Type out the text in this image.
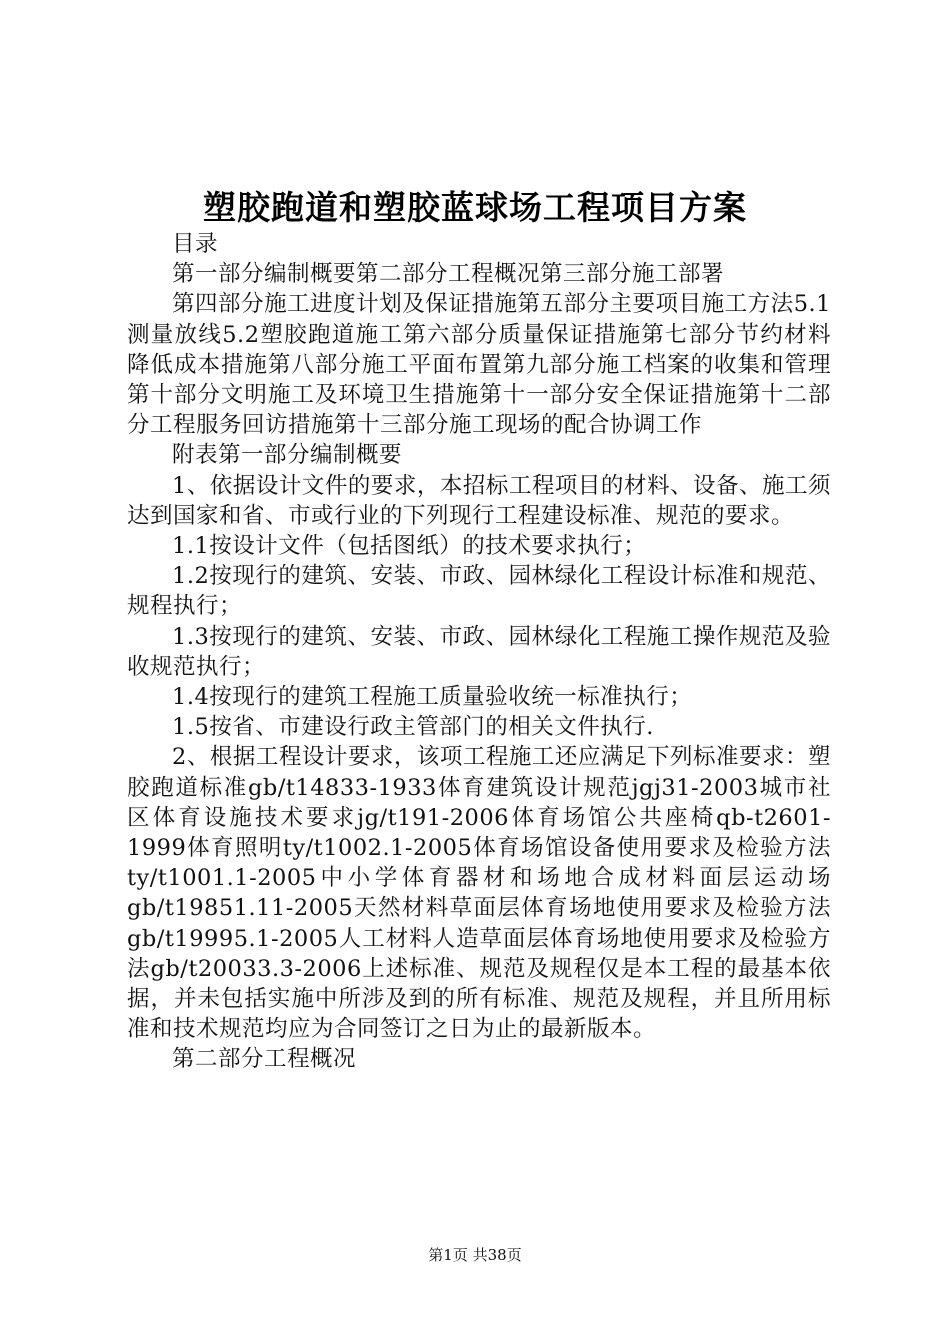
塑胶跑道和塑胶蓝球场工程项目方案

目录

第一部分编制概要第二部分工程概况第三部分施工部署

第四部分施工进度计划及保证措施第五部分主要项目施工方法5.1测量放线5.2塑胶跑道施工第六部分质量保证措施第七部分节约材料降低成本措施第八部分施工平面布置第九部分施工档案的收集和管理第十部分文明施工及环境卫生措施第十一部分安全保证措施第十二部分工程服务回访措施第十三部分施工现场的配合协调工作

附表第一部分编制概要

1、依据设计文件的要求，本招标工程项目的材料、设备、施工须达到国家和省、市或行业的下列现行工程建设标准、规范的要求。

1.1按设计文件（包括图纸）的技术要求执行；

1.2按现行的建筑、安装、市政、园林绿化工程设计标准和规范、规程执行；

1.3按现行的建筑、安装、市政、园林绿化工程施工操作规范及验收规范执行；

1.4按现行的建筑工程施工质量验收统一标准执行；

1.5按省、市建设行政主管部门的相关文件执行.

2、根据工程设计要求，该项工程施工还应满足下列标准要求：塑胶跑道标准gb/t14833-1933体育建筑设计规范jgj31-2003城市社区体育设施技术要求jg/t191-2006体育场馆公共座椅qb-t2601-1999体育照明ty/t1002.1-2005体育场馆设备使用要求及检验方法ty/t1001.1-2005中小学体育器材和场地合成材料面层运动场gb/t19851.11-2005天然材料草面层体育场地使用要求及检验方法gb/t19995.1-2005人工材料人造草面层体育场地使用要求及检验方法gb/t20033.3-2006上述标准、规范及规程仅是本工程的最基本依据，并未包括实施中所涉及到的所有标准、规范及规程，并且所用标准和技术规范均应为合同签订之日为止的最新版本。

第二部分工程概况

第1页 共38页
